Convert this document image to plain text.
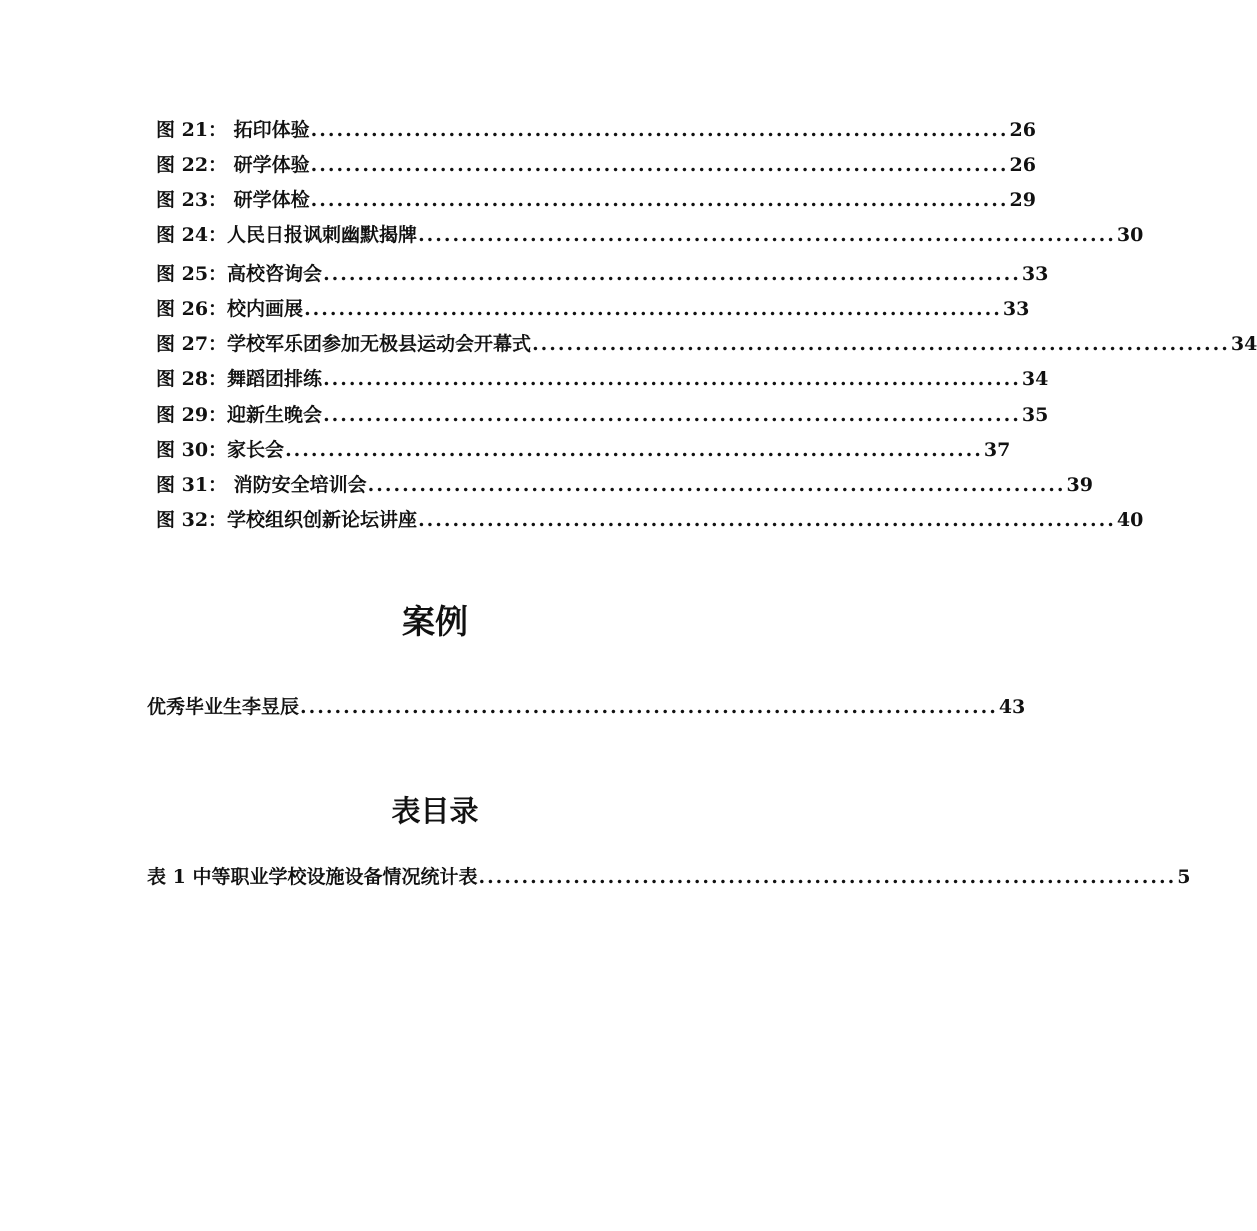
图 21： 拓印体验 ................................................................................. 26
图 22： 研学体验 ................................................................................. 26
图 23： 研学体检 ................................................................................. 29
图 24：人民日报讽刺幽默揭牌 ................................................................................. 30
图 25：高校咨询会 ................................................................................. 33
图 26：校内画展 ................................................................................. 33
图 27：学校军乐团参加无极县运动会开幕式 ................................................................................. 34
图 28：舞蹈团排练 ................................................................................. 34
图 29：迎新生晚会 ................................................................................. 35
图 30：家长会 ................................................................................. 37
图 31： 消防安全培训会 ................................................................................. 39
图 32：学校组织创新论坛讲座 ................................................................................. 40
案例
优秀毕业生李昱辰 ................................................................................. 43
表目录
表 1 中等职业学校设施设备情况统计表 ................................................................................. 5
